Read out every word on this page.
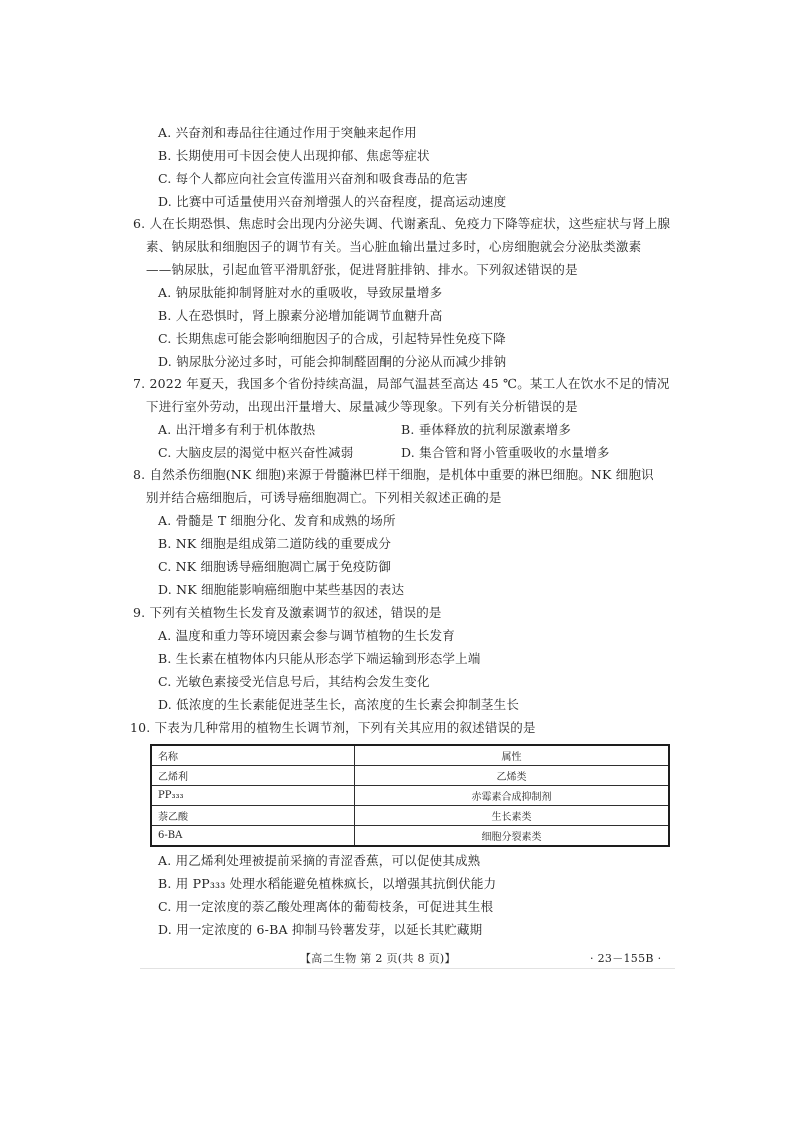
A. 兴奋剂和毒品往往通过作用于突触来起作用
B. 长期使用可卡因会使人出现抑郁、焦虑等症状
C. 每个人都应向社会宣传滥用兴奋剂和吸食毒品的危害
D. 比赛中可适量使用兴奋剂增强人的兴奋程度，提高运动速度
6. 人在长期恐惧、焦虑时会出现内分泌失调、代谢紊乱、免疫力下降等症状，这些症状与肾上腺
素、钠尿肽和细胞因子的调节有关。当心脏血输出量过多时，心房细胞就会分泌肽类激素
——钠尿肽，引起血管平滑肌舒张，促进肾脏排钠、排水。下列叙述错误的是
A. 钠尿肽能抑制肾脏对水的重吸收，导致尿量增多
B. 人在恐惧时，肾上腺素分泌增加能调节血糖升高
C. 长期焦虑可能会影响细胞因子的合成，引起特异性免疫下降
D. 钠尿肽分泌过多时，可能会抑制醛固酮的分泌从而减少排钠
7. 2022 年夏天，我国多个省份持续高温，局部气温甚至高达 45 ℃。某工人在饮水不足的情况
下进行室外劳动，出现出汗量增大、尿量减少等现象。下列有关分析错误的是
A. 出汗增多有利于机体散热	B. 垂体释放的抗利尿激素增多
C. 大脑皮层的渴觉中枢兴奋性减弱	D. 集合管和肾小管重吸收的水量增多
8. 自然杀伤细胞(NK 细胞)来源于骨髓淋巴样干细胞，是机体中重要的淋巴细胞。NK 细胞识
别并结合癌细胞后，可诱导癌细胞凋亡。下列相关叙述正确的是
A. 骨髓是 T 细胞分化、发育和成熟的场所
B. NK 细胞是组成第二道防线的重要成分
C. NK 细胞诱导癌细胞凋亡属于免疫防御
D. NK 细胞能影响癌细胞中某些基因的表达
9. 下列有关植物生长发育及激素调节的叙述，错误的是
A. 温度和重力等环境因素会参与调节植物的生长发育
B. 生长素在植物体内只能从形态学下端运输到形态学上端
C. 光敏色素接受光信息号后，其结构会发生变化
D. 低浓度的生长素能促进茎生长，高浓度的生长素会抑制茎生长
10. 下表为几种常用的植物生长调节剂，下列有关其应用的叙述错误的是
名称	属性
乙烯利	乙烯类
PP₃₃₃	赤霉素合成抑制剂
萘乙酸	生长素类
6-BA	细胞分裂素类
A. 用乙烯利处理被提前采摘的青涩香蕉，可以促使其成熟
B. 用 PP₃₃₃ 处理水稻能避免植株疯长，以增强其抗倒伏能力
C. 用一定浓度的萘乙酸处理离体的葡萄枝条，可促进其生根
D. 用一定浓度的 6-BA 抑制马铃薯发芽，以延长其贮藏期
【高二生物 第 2 页(共 8 页)】	· 23－155B ·
